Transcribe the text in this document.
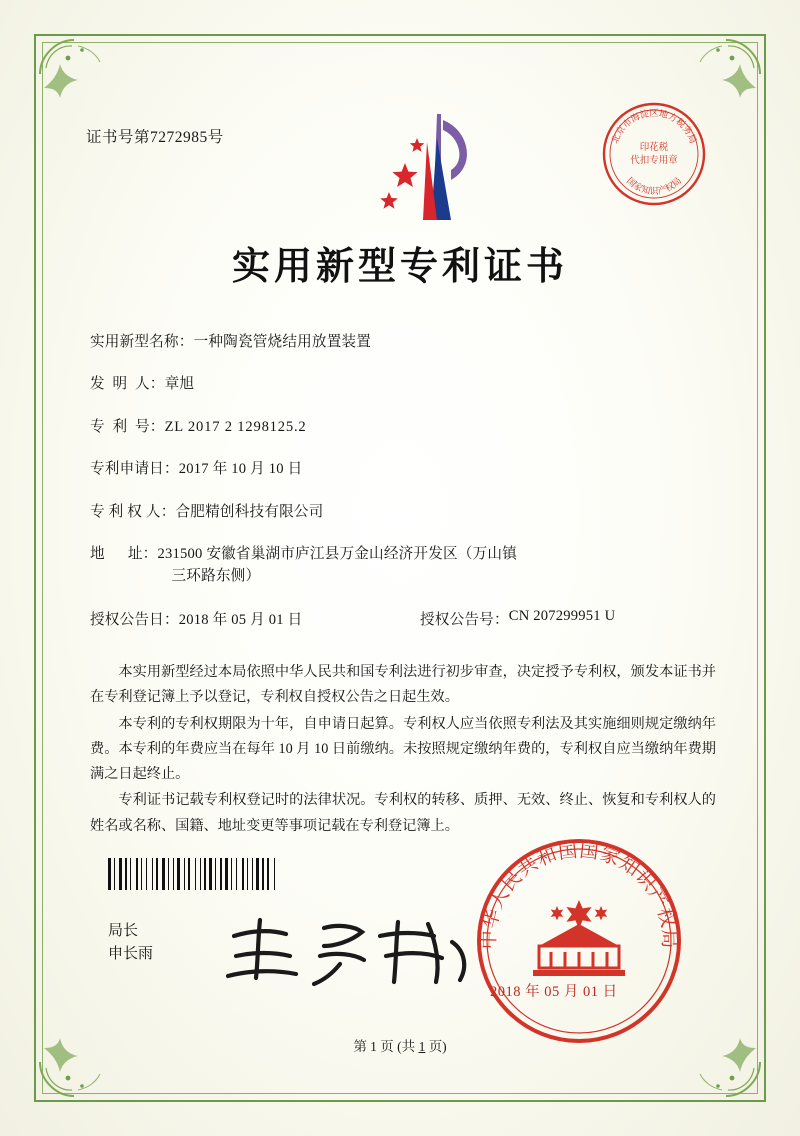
证书号第7272985号	北京市海淀区地方税务局
国家知识产权局
印花税
代扣专用章
实用新型专利证书
实用新型名称： 一种陶瓷管烧结用放置装置
发  明  人： 章旭
专  利  号： ZL 2017 2 1298125.2
专利申请日： 2017 年 10 月 10 日
专 利 权 人： 合肥精创科技有限公司
地      址： 231500 安徽省巢湖市庐江县万金山经济开发区（万山镇
三环路东侧）
授权公告日： 2018 年 05 月 01 日	授权公告号： CN 207299951 U

本实用新型经过本局依照中华人民共和国专利法进行初步审查，决定授予专利权，颁发本证书并在专利登记簿上予以登记，专利权自授权公告之日起生效。

本专利的专利权期限为十年，自申请日起算。专利权人应当依照专利法及其实施细则规定缴纳年费。本专利的年费应当在每年 10 月 10 日前缴纳。未按照规定缴纳年费的，专利权自应当缴纳年费期满之日起终止。

专利证书记载专利权登记时的法律状况。专利权的转移、质押、无效、终止、恢复和专利权人的姓名或名称、国籍、地址变更等事项记载在专利登记簿上。

局长
申长雨
中华人民共和国国家知识产权局
2018 年 05 月 01 日
第 1 页 (共 1 页)
